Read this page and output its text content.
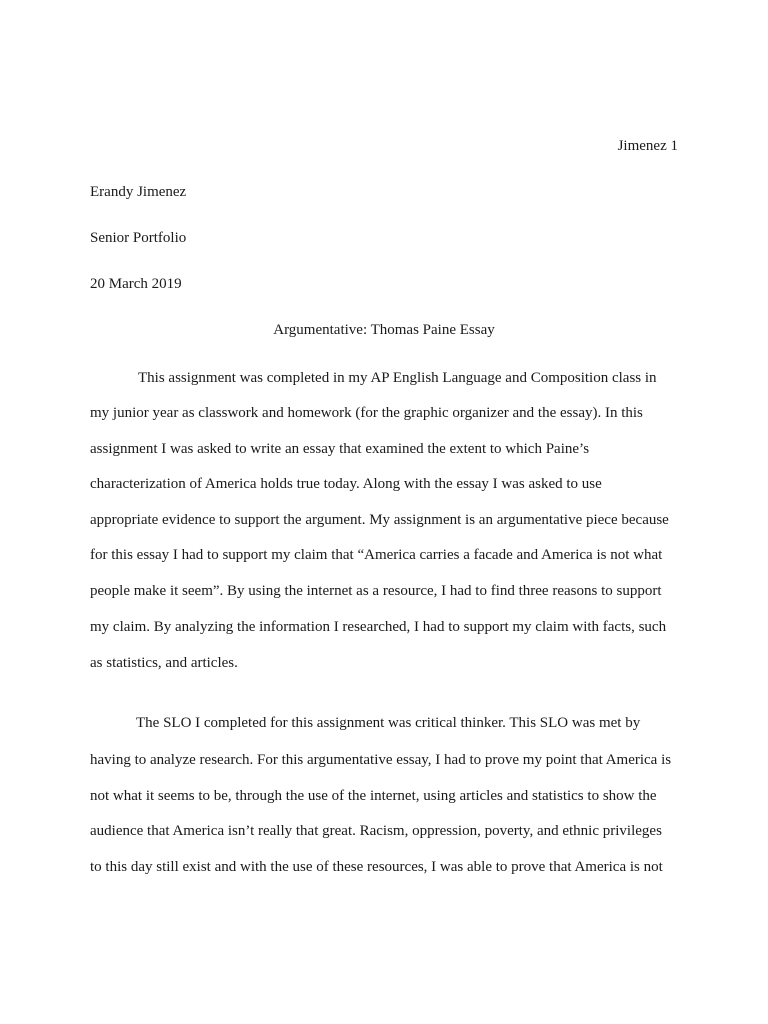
Jimenez 1
Erandy Jimenez
Senior Portfolio
20 March 2019
Argumentative: Thomas Paine Essay
This assignment was completed in my AP English Language and Composition class in
my junior year as classwork and homework (for the graphic organizer and the essay). In this
assignment I was asked to write an essay that examined the extent to which Paine’s
characterization of America holds true today. Along with the essay I was asked to use
appropriate evidence to support the argument. My assignment is an argumentative piece because
for this essay I had to support my claim that “America carries a facade and America is not what
people make it seem”. By using the internet as a resource, I had to find three reasons to support
my claim. By analyzing the information I researched, I had to support my claim with facts, such
as statistics, and articles.
The SLO I completed for this assignment was critical thinker. This SLO was met by
having to analyze research. For this argumentative essay, I had to prove my point that America is
not what it seems to be, through the use of the internet, using articles and statistics to show the
audience that America isn’t really that great. Racism, oppression, poverty, and ethnic privileges
to this day still exist and with the use of these resources, I was able to prove that America is not
